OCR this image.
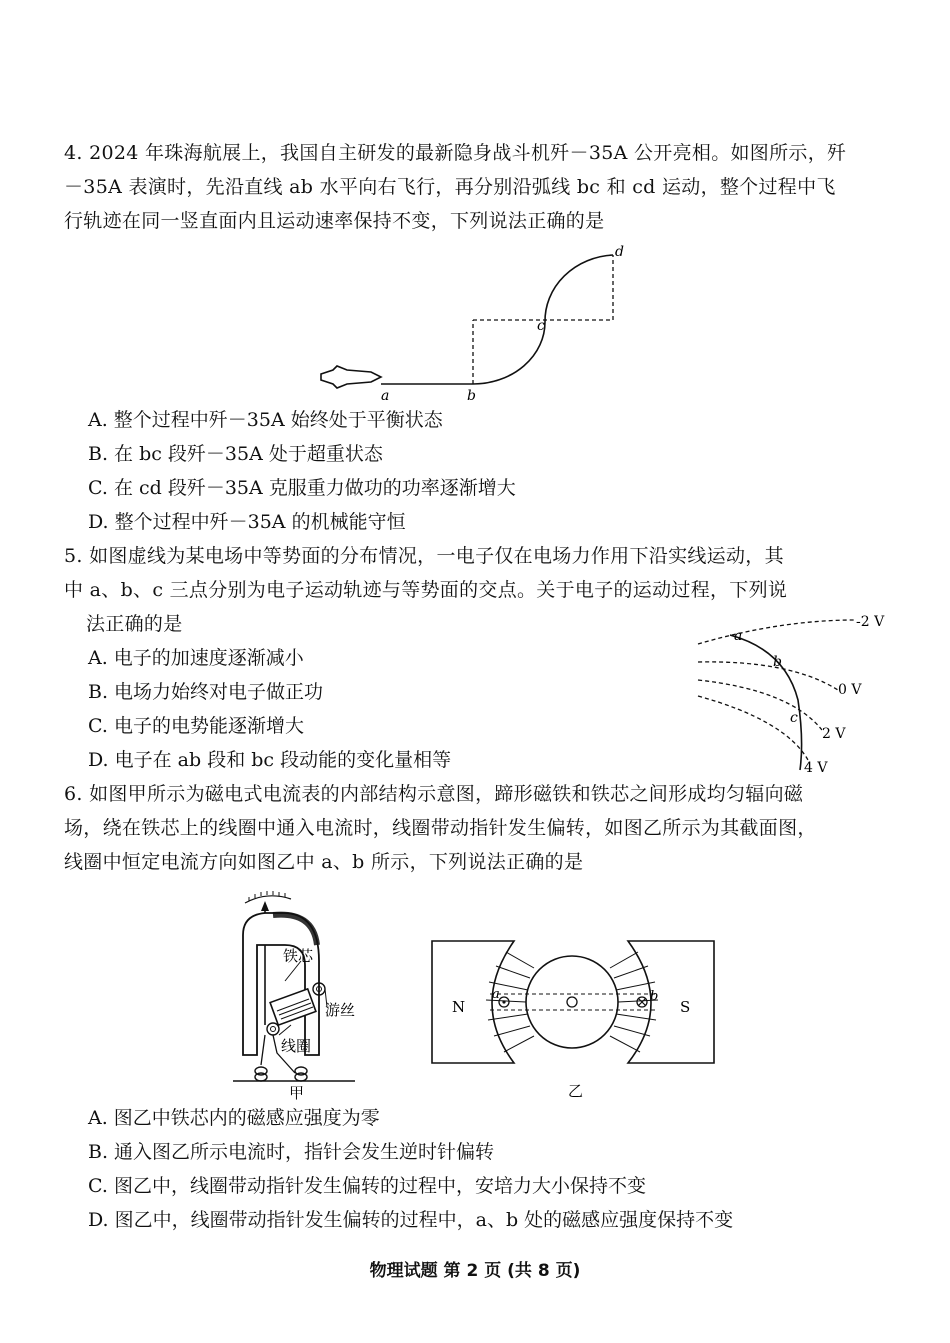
4. 2024 年珠海航展上，我国自主研发的最新隐身战斗机歼－35A 公开亮相。如图所示，歼
－35A 表演时，先沿直线 ab 水平向右飞行，再分别沿弧线 bc 和 cd 运动，整个过程中飞
行轨迹在同一竖直面内且运动速率保持不变，下列说法正确的是
a	b
c
d
A. 整个过程中歼－35A 始终处于平衡状态
B. 在 bc 段歼－35A 处于超重状态
C. 在 cd 段歼－35A 克服重力做功的功率逐渐增大
D. 整个过程中歼－35A 的机械能守恒
5. 如图虚线为某电场中等势面的分布情况，一电子仅在电场力作用下沿实线运动，其
中 a、b、c 三点分别为电子运动轨迹与等势面的交点。关于电子的运动过程，下列说
法正确的是
a
b
c
-2 V
0 V
2 V
4 V
A. 电子的加速度逐渐减小
B. 电场力始终对电子做正功
C. 电子的电势能逐渐增大
D. 电子在 ab 段和 bc 段动能的变化量相等
6. 如图甲所示为磁电式电流表的内部结构示意图，蹄形磁铁和铁芯之间形成均匀辐向磁
场，绕在铁芯上的线圈中通入电流时，线圈带动指针发生偏转，如图乙所示为其截面图，
线圈中恒定电流方向如图乙中 a、b 所示，下列说法正确的是
铁芯
游丝
线圈
甲
N	S
a	b
乙
A. 图乙中铁芯内的磁感应强度为零
B. 通入图乙所示电流时，指针会发生逆时针偏转
C. 图乙中，线圈带动指针发生偏转的过程中，安培力大小保持不变
D. 图乙中，线圈带动指针发生偏转的过程中，a、b 处的磁感应强度保持不变
物理试题 第 2 页 (共 8 页)
